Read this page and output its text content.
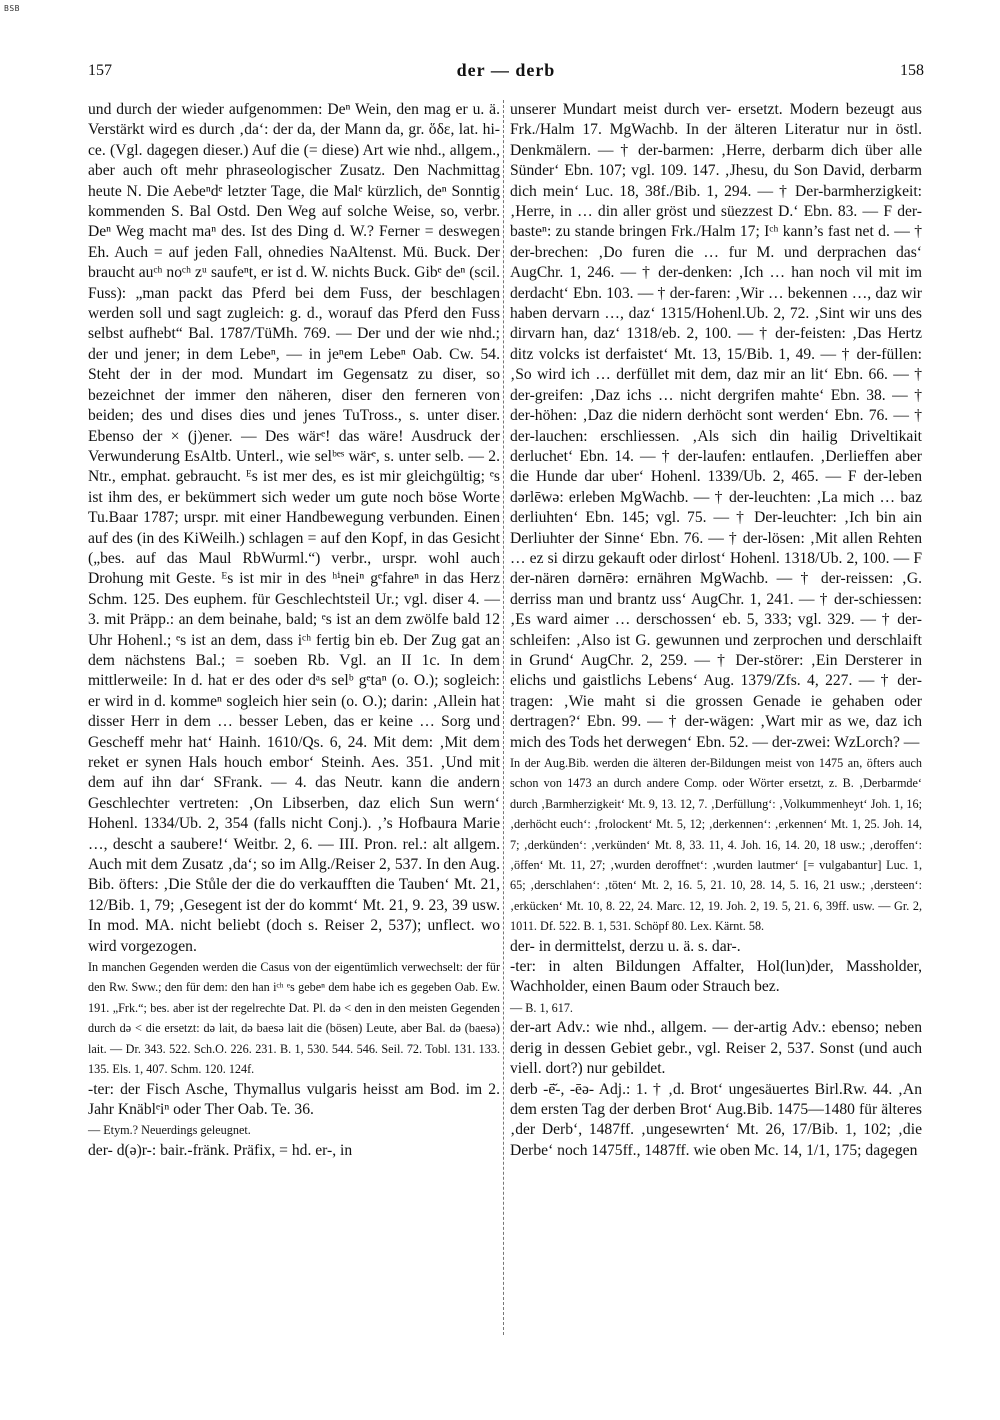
BSB
157	der — derb	158

und durch der wieder aufgenommen: Deⁿ Wein, den mag er u. ä. Verstärkt wird es durch ‚da‘: der da, der Mann da, gr. ὅδε, lat. hi-ce. (Vgl. dagegen dieser.) Auf die (= diese) Art wie nhd., allgem., aber auch oft mehr phraseologischer Zusatz. Den Nachmittag heute N. Die Aebeⁿdᵉ letzter Tage, die Malᵉ kürzlich, deⁿ Sonntig kommenden S. Bal Ostd. Den Weg auf solche Weise, so, verbr. Deⁿ Weg macht maⁿ des. Ist des Ding d. W.? Ferner = deswegen Eh. Auch = auf jeden Fall, ohnedies NaAltenst. Mü. Buck. Der braucht auᶜʰ noᶜʰ zᵘ saufeⁿt, er ist d. W. nichts Buck. Gibᵉ deⁿ (scil. Fuss): „man packt das Pferd bei dem Fuss, der beschlagen werden soll und sagt zugleich: g. d., worauf das Pferd den Fuss selbst aufhebt“ Bal. 1787/TüMh. 769. — Der und der wie nhd.; der und jener; in dem Lebeⁿ, — in jeⁿem Lebeⁿ Oab. Cw. 54. Steht der in der mod. Mundart im Gegensatz zu diser, so bezeichnet der immer den näheren, diser den ferneren von beiden; des und dises dies und jenes TuTross., s. unter diser. Ebenso der × (j)ener. — Des wärᵉ! das wäre! Ausdruck der Verwunderung EsAltb. Unterl., wie selᵇᵉˢ wärᵉ, s. unter selb. — 2. Ntr., emphat. gebraucht. ᴱs ist mer des, es ist mir gleichgültig; ᵉs ist ihm des, er bekümmert sich weder um gute noch böse Worte Tu.Baar 1787; urspr. mit einer Handbewegung verbunden. Einen auf des (in des KiWeilh.) schlagen = auf den Kopf, in das Gesicht („bes. auf das Maul RbWurml.“) verbr., urspr. wohl auch Drohung mit Geste. ᴱs ist mir in des ʰⁱneiⁿ gᵉfahreⁿ in das Herz Schm. 125. Des euphem. für Geschlechtsteil Ur.; vgl. diser 4. — 3. mit Präpp.: an dem beinahe, bald; ᵉs ist an dem zwölfe bald 12 Uhr Hohenl.; ᵉs ist an dem, dass iᶜʰ fertig bin eb. Der Zug gat an dem nächstens Bal.; = soeben Rb. Vgl. an II 1c. In dem mittlerweile: In d. hat er des oder dᵃs selᵇ gᵉtaⁿ (o. O.); sogleich: er wird in d. kommeⁿ sogleich hier sein (o. O.); darin: ‚Allein hat disser Herr in dem … besser Leben, das er keine … Sorg und Gescheff mehr hat‘ Hainh. 1610/Qs. 6, 24. Mit dem: ‚Mit dem reket er synen Hals houch embor‘ Steinh. Aes. 351. ‚Und mit dem auf ihn dar‘ SFrank. — 4. das Neutr. kann die andern Geschlechter vertreten: ‚On Libserben, daz elich Sun wern‘ Hohenl. 1334/Ub. 2, 354 (falls nicht Conj.). ‚’s Hofbaura Marie …, descht a saubere!‘ Weitbr. 2, 6. — III. Pron. rel.: alt allgem. Auch mit dem Zusatz ‚da‘; so im Allg./Reiser 2, 537. In den Aug. Bib. öfters: ‚Die Stůle der die do verkaufften die Tauben‘ Mt. 21, 12/Bib. 1, 79; ‚Gesegent ist der do kommt‘ Mt. 21, 9. 23, 39 usw. In mod. MA. nicht beliebt (doch s. Reiser 2, 537); unflect. wo wird vorgezogen.

In manchen Gegenden werden die Casus von der eigentümlich verwechselt: der für den Rw. Sww.; den für dem: den han iᶜʰ ᵉs gebeⁿ dem habe ich es gegeben Oab. Ew. 191. „Frk.“; bes. aber ist der regelrechte Dat. Pl. də < den in den meisten Gegenden durch də < die ersetzt: də lait, də baesə lait die (bösen) Leute, aber Bal. də (baesə) lait. — Dr. 343. 522. Sch.O. 226. 231. B. 1, 530. 544. 546. Seil. 72. Tobl. 131. 133. 135. Els. 1, 407. Schm. 120. 124f.

-ter: der Fisch Asche, Thymallus vulgaris heisst am Bod. im 2. Jahr Knäblᵉiⁿ oder Ther Oab. Te. 36.

— Etym.? Neuerdings geleugnet.

der- d(ə)r-: bair.-fränk. Präfix, = hd. er-, in

unserer Mundart meist durch ver- ersetzt. Modern bezeugt aus Frk./Halm 17. MgWachb. In der älteren Literatur nur in östl. Denkmälern. — † der-barmen: ‚Herre, derbarm dich über alle Sünder‘ Ebn. 107; vgl. 109. 147. ‚Jhesu, du Son David, derbarm dich mein‘ Luc. 18, 38f./Bib. 1, 294. — † Der-barmherzigkeit: ‚Herre, in … din aller gröst und süezzest D.‘ Ebn. 83. — F der-basteⁿ: zu stande bringen Frk./Halm 17; Iᶜʰ kann’s fast net d. — † der-brechen: ‚Do furen die … fur M. und derprachen das‘ AugChr. 1, 246. — † der-denken: ‚Ich … han noch vil mit im derdacht‘ Ebn. 103. — † der-faren: ‚Wir … bekennen …, daz wir haben dervarn …, daz‘ 1315/Hohenl.Ub. 2, 72. ‚Sint wir uns des dirvarn han, daz‘ 1318/eb. 2, 100. — † der-feisten: ‚Das Hertz ditz volcks ist derfaistet‘ Mt. 13, 15/Bib. 1, 49. — † der-füllen: ‚So wird ich … derfüllet mit dem, daz mir an lit‘ Ebn. 66. — † der-greifen: ‚Daz ichs … nicht dergrifen mahte‘ Ebn. 38. — † der-höhen: ‚Daz die nidern derhöcht sont werden‘ Ebn. 76. — † der-lauchen: erschliessen. ‚Als sich din hailig Driveltikait derluchet‘ Ebn. 14. — † der-laufen: entlaufen. ‚Derlieffen aber die Hunde dar uber‘ Hohenl. 1339/Ub. 2, 465. — F der-leben dərlēwə: erleben MgWachb. — † der-leuchten: ‚La mich … baz derliuhten‘ Ebn. 145; vgl. 75. — † Der-leuchter: ‚Ich bin ain Derliuhter der Sinne‘ Ebn. 76. — † der-lösen: ‚Mit allen Rehten … ez si dirzu gekauft oder dirlost‘ Hohenl. 1318/Ub. 2, 100. — F der-nären dərnērə: ernähren MgWachb. — † der-reissen: ‚G. derriss man und brantz uss‘ AugChr. 1, 241. — † der-schiessen: ‚Es ward aimer … derschossen‘ eb. 5, 333; vgl. 329. — † der-schleifen: ‚Also ist G. gewunnen und zerprochen und derschlaift in Grund‘ AugChr. 2, 259. — † Der-störer: ‚Ein Dersterer in elichs und gaistlichs Lebens‘ Aug. 1379/Zfs. 4, 227. — † der-tragen: ‚Wie maht si die grossen Genade ie gehaben oder dertragen?‘ Ebn. 99. — † der-wägen: ‚Wart mir as we, daz ich mich des Tods het derwegen‘ Ebn. 52. — der-zwei: WzLorch? —

In der Aug.Bib. werden die älteren der-Bildungen meist von 1475 an, öfters auch schon von 1473 an durch andere Comp. oder Wörter ersetzt, z. B. ‚Derbarmde‘ durch ‚Barmherzigkeit‘ Mt. 9, 13. 12, 7. ‚Derfüllung‘: ‚Volkummenheyt‘ Joh. 1, 16; ‚derhöcht euch‘: ‚frolockent‘ Mt. 5, 12; ‚derkennen‘: ‚erkennen‘ Mt. 1, 25. Joh. 14, 7; ‚derkünden‘: ‚verkünden‘ Mt. 8, 33. 11, 4. Joh. 16, 14. 20, 18 usw.; ‚deroffen‘: ‚öffen‘ Mt. 11, 27; ‚wurden deroffnet‘: ‚wurden lautmer‘ [= vulgabantur] Luc. 1, 65; ‚derschlahen‘: ‚töten‘ Mt. 2, 16. 5, 21. 10, 28. 14, 5. 16, 21 usw.; ‚dersteen‘: ‚erkücken‘ Mt. 10, 8. 22, 24. Marc. 12, 19. Joh. 2, 19. 5, 21. 6, 39ff. usw. — Gr. 2, 1011. Df. 522. B. 1, 531. Schöpf 80. Lex. Kärnt. 58.

der- in dermittelst, derzu u. ä. s. dar-.

-ter: in alten Bildungen Affalter, Hol(lun)der, Massholder, Wachholder, einen Baum oder Strauch bez.

— B. 1, 617.

der-art Adv.: wie nhd., allgem. — der-artig Adv.: ebenso; neben derig in dessen Gebiet gebr., vgl. Reiser 2, 537. Sonst (und auch viell. dort?) nur gebildet.

derb -ē̆-, -ēə- Adj.: 1. † ‚d. Brot‘ ungesäuertes Birl.Rw. 44. ‚An dem ersten Tag der derben Brot‘ Aug.Bib. 1475—1480 für älteres ‚der Derb‘, 1487ff. ‚ungesewrten‘ Mt. 26, 17/Bib. 1, 102; ‚die Derbe‘ noch 1475ff., 1487ff. wie oben Mc. 14, 1/1, 175; dagegen
